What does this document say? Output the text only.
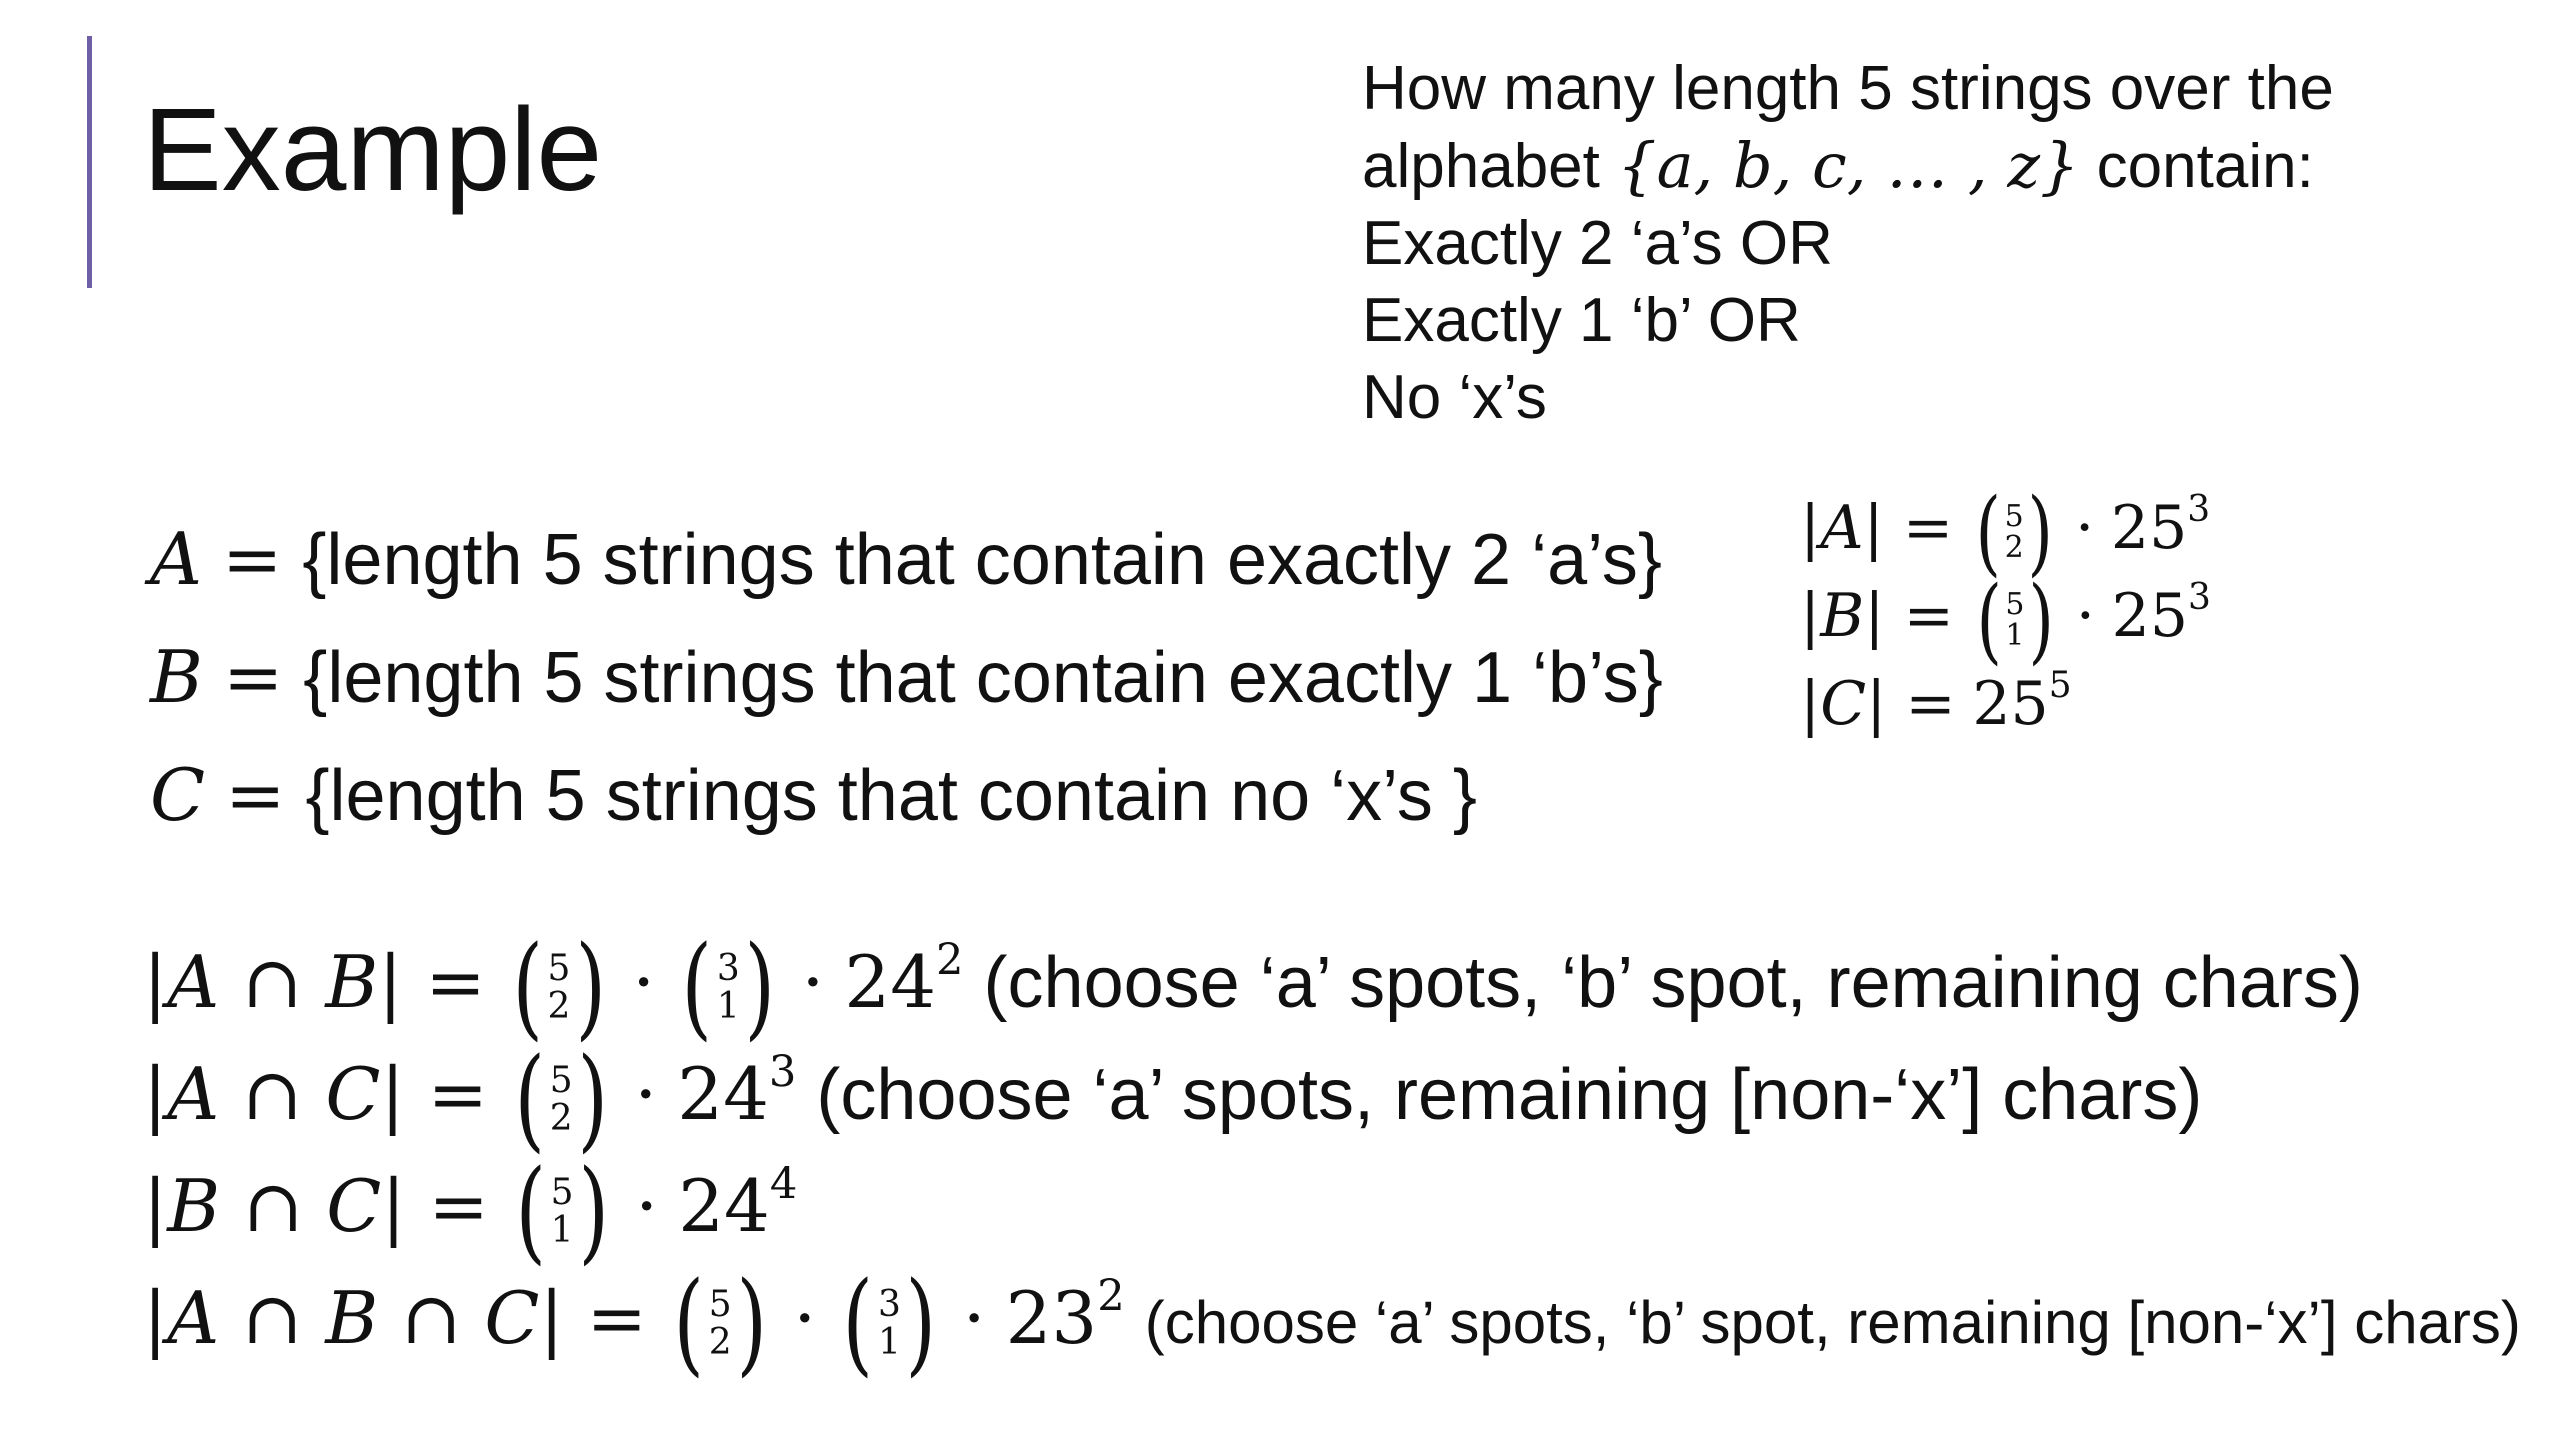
Example	How many length 5 strings over the
alphabet {a, b, c, … , z} contain:
Exactly 2 ‘a’s OR
Exactly 1 ‘b’ OR
No ‘x’s
A = {length 5 strings that contain exactly 2 ‘a’s}
B = {length 5 strings that contain exactly 1 ‘b’s}
C = {length 5 strings that contain no ‘x’s }
|A| = ( 5
2 ) · $25^3$
|B| = ( 5
1 ) · $25^3$
$|C| = 25^5$
|A ∩ B| = ( 5
2 ) · ( 3
1 ) · $24^2$ (choose ‘a’ spots, ‘b’ spot, remaining chars)
|A ∩ C| = ( 5
2 ) · $24^3$ (choose ‘a’ spots, remaining [non-‘x’] chars)
|B ∩ C| = ( 5
1 ) · $24^4$
|A ∩ B ∩ C| = ( 5
2 ) · ( 3
1 ) · $23^2$ (choose ‘a’ spots, ‘b’ spot, remaining [non-‘x’] chars)
